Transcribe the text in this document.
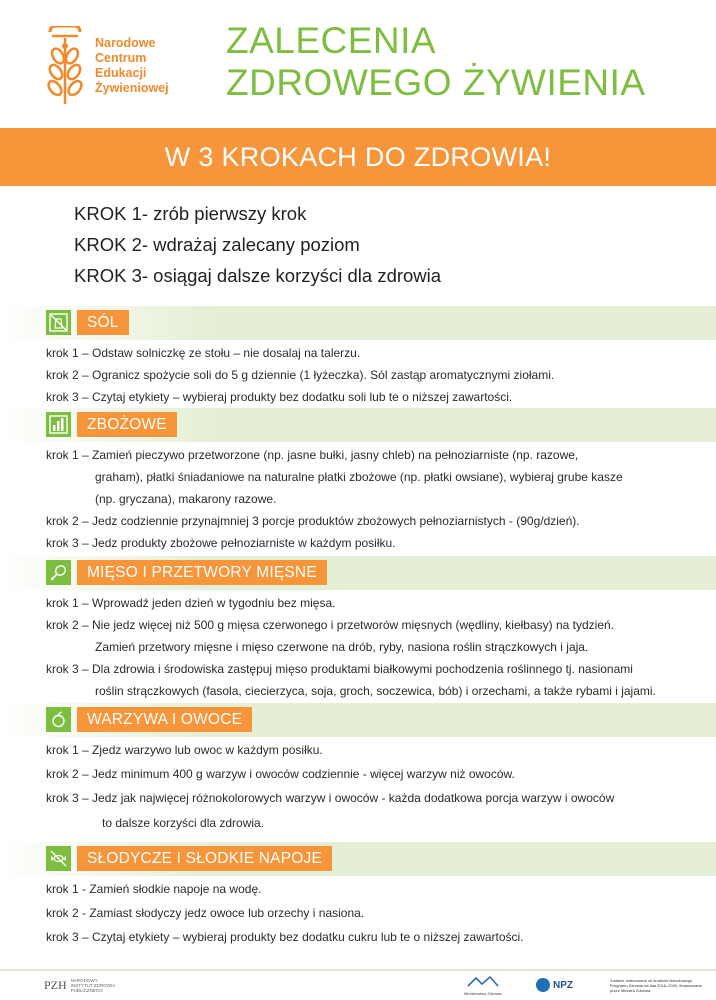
Narodowe
Centrum
Edukacji
Żywieniowej
ZALECENIA
ZDROWEGO ŻYWIENIA
W 3 KROKACH DO ZDROWIA!
KROK 1- zrób pierwszy krok
KROK 2- wdrażaj zalecany poziom
KROK 3- osiągaj dalsze korzyści dla zdrowia
SÓL
krok 1 – Odstaw solniczkę ze stołu – nie dosalaj na talerzu.
krok 2 – Ogranicz spożycie soli do 5 g dziennie (1 łyżeczka). Sól zastąp aromatycznymi ziołami.
krok 3 – Czytaj etykiety – wybieraj produkty bez dodatku soli lub te o niższej zawartości.
ZBOŻOWE
krok 1 – Zamień pieczywo przetworzone (np. jasne bułki, jasny chleb) na pełnoziarniste (np. razowe,
graham), płatki śniadaniowe na naturalne płatki zbożowe (np. płatki owsiane), wybieraj grube kasze
(np. gryczana), makarony razowe.
krok 2 – Jedz codziennie przynajmniej 3 porcje produktów zbożowych pełnoziarnistych - (90g/dzień).
krok 3 – Jedz produkty zbożowe pełnoziarniste w każdym posiłku.
MIĘSO I PRZETWORY MIĘSNE
krok 1 – Wprowadź jeden dzień w tygodniu bez mięsa.
krok 2 – Nie jedz więcej niż 500 g mięsa czerwonego i przetworów mięsnych (wędliny, kiełbasy) na tydzień.
Zamień przetwory mięsne i mięso czerwone na drób, ryby, nasiona roślin strączkowych i jaja.
krok 3 – Dla zdrowia i środowiska zastępuj mięso produktami białkowymi pochodzenia roślinnego tj. nasionami
roślin strączkowych (fasola, ciecierzyca, soja, groch, soczewica, bób) i orzechami, a także rybami i jajami.
WARZYWA I OWOCE
krok 1 – Zjedz warzywo lub owoc w każdym posiłku.
krok 2 – Jedz minimum 400 g warzyw i owoców codziennie - więcej warzyw niż owoców.
krok 3 – Jedz jak najwięcej różnokolorowych warzyw i owoców - każda dodatkowa porcja warzyw i owoców
to dalsze korzyści dla zdrowia.
SŁODYCZE I SŁODKIE NAPOJE
krok 1 - Zamień słodkie napoje na wodę.
krok 2 - Zamiast słodyczy jedz owoce lub orzechy i nasiona.
krok 3 – Czytaj etykiety – wybieraj produkty bez dodatku cukru lub te o niższej zawartości.
PZH NARODOWY INSTYTUT ZDROWIA PUBLICZNEGO
Ministerstwo Zdrowia
NPZ	Zadanie realizowane ze środków Narodowego Programu Zdrowia na lata 2016–2020, finansowane przez Ministra Zdrowia.
